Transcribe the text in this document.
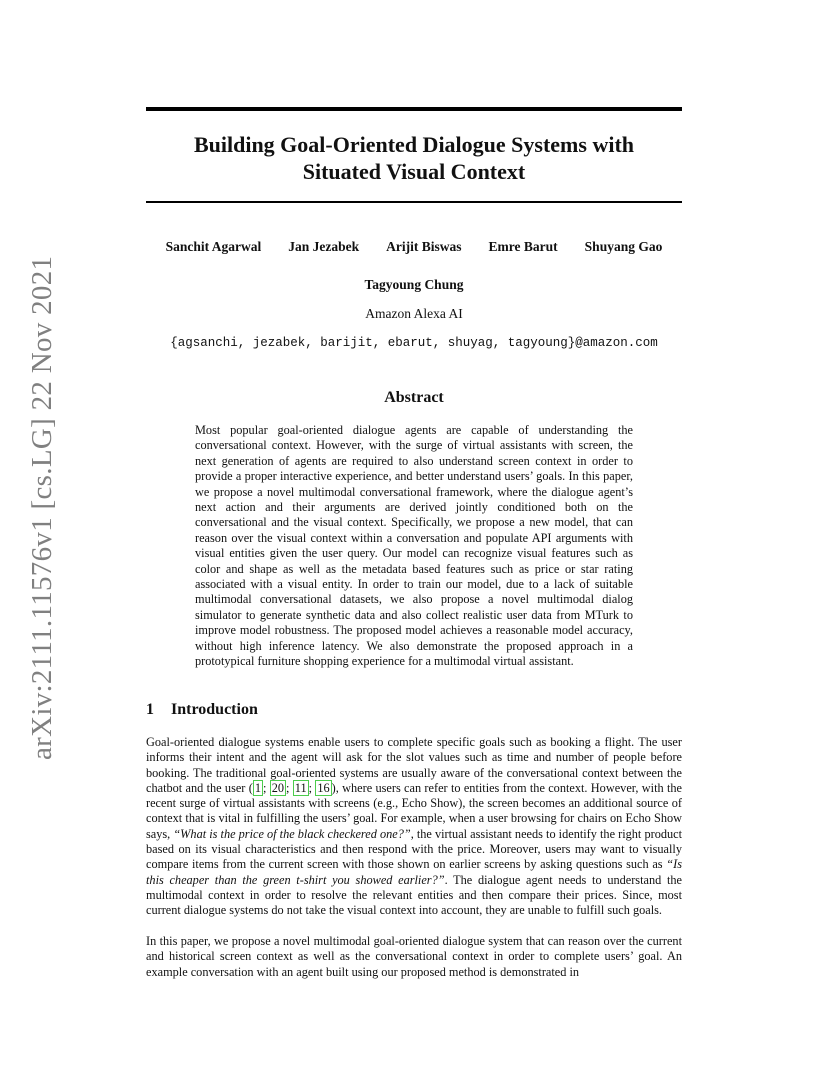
arXiv:2111.11576v1 [cs.LG] 22 Nov 2021
Building Goal-Oriented Dialogue Systems with
Situated Visual Context
Sanchit Agarwal Jan Jezabek Arijit Biswas Emre Barut Shuyang Gao
Tagyoung Chung
Amazon Alexa AI
{agsanchi, jezabek, barijit, ebarut, shuyag, tagyoung}@amazon.com
Abstract

Most popular goal-oriented dialogue agents are capable of understanding the conversational context. However, with the surge of virtual assistants with screen, the next generation of agents are required to also understand screen context in order to provide a proper interactive experience, and better understand users’ goals. In this paper, we propose a novel multimodal conversational framework, where the dialogue agent’s next action and their arguments are derived jointly conditioned both on the conversational and the visual context. Specifically, we propose a new model, that can reason over the visual context within a conversation and populate API arguments with visual entities given the user query. Our model can recognize visual features such as color and shape as well as the metadata based features such as price or star rating associated with a visual entity. In order to train our model, due to a lack of suitable multimodal conversational datasets, we also propose a novel multimodal dialog simulator to generate synthetic data and also collect realistic user data from MTurk to improve model robustness. The proposed model achieves a reasonable model accuracy, without high inference latency. We also demonstrate the proposed approach in a prototypical furniture shopping experience for a multimodal virtual assistant.

1 Introduction

Goal-oriented dialogue systems enable users to complete specific goals such as booking a flight. The user informs their intent and the agent will ask for the slot values such as time and number of people before booking. The traditional goal-oriented systems are usually aware of the conversational context between the chatbot and the user ( 1 ; 20 ; 11 ; 16 ), where users can refer to entities from the context. However, with the recent surge of virtual assistants with screens (e.g., Echo Show), the screen becomes an additional source of context that is vital in fulfilling the users’ goal. For example, when a user browsing for chairs on Echo Show says, “What is the price of the black checkered one?”, the virtual assistant needs to identify the right product based on its visual characteristics and then respond with the price. Moreover, users may want to visually compare items from the current screen with those shown on earlier screens by asking questions such as “Is this cheaper than the green t-shirt you showed earlier?”. The dialogue agent needs to understand the multimodal context in order to resolve the relevant entities and then compare their prices. Since, most current dialogue systems do not take the visual context into account, they are unable to fulfill such goals.

In this paper, we propose a novel multimodal goal-oriented dialogue system that can reason over the current and historical screen context as well as the conversational context in order to complete users’ goal. An example conversation with an agent built using our proposed method is demonstrated in
